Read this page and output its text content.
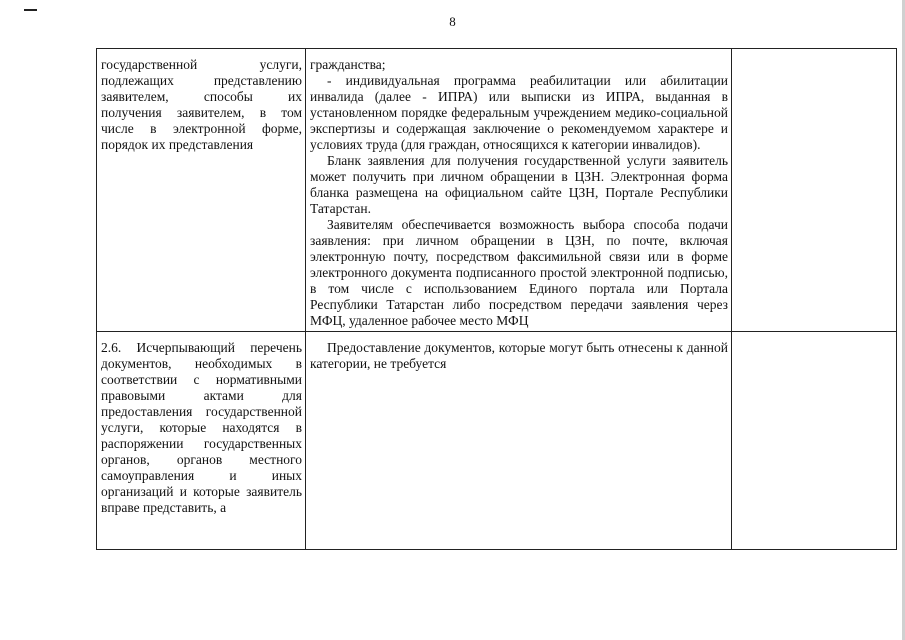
8

государственной услуги, подлежащих представлению заявителем, способы их получения заявителем, в том числе в электронной форме, порядок их представления	гражданства;

- индивидуальная программа реабилитации или абилитации инвалида (далее - ИПРА) или выписки из ИПРА, выданная в установленном порядке федеральным учреждением медико-социальной экспертизы и содержащая заключение о рекомендуемом характере и условиях труда (для граждан, относящихся к категории инвалидов).

Бланк заявления для получения государственной услуги заявитель может получить при личном обращении в ЦЗН. Электронная форма бланка размещена на официальном сайте ЦЗН, Портале Республики Татарстан.

Заявителям обеспечивается возможность выбора способа подачи заявления: при личном обращении в ЦЗН, по почте, включая электронную почту, посредством факсимильной связи или в форме электронного документа подписанного простой электронной подписью, в том числе с использованием Единого портала или Портала Республики Татарстан либо посредством передачи заявления через МФЦ, удаленное рабочее место МФЦ	

2.6. Исчерпывающий перечень документов, необходимых в соответствии с нормативными правовыми актами для предоставления государственной услуги, которые находятся в распоряжении государственных органов, органов местного самоуправления и иных организаций и которые заявитель вправе представить, а	Предоставление документов, которые могут быть отнесены к данной категории, не требуется	
